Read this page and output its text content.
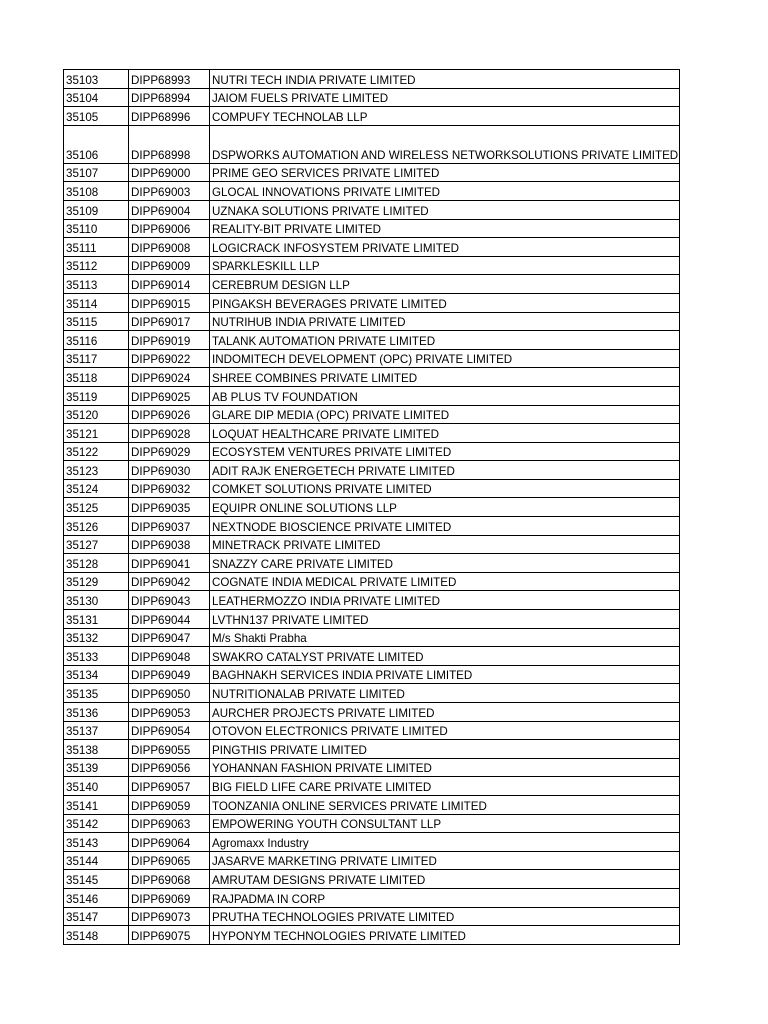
35103	DIPP68993	NUTRI TECH INDIA PRIVATE LIMITED
35104	DIPP68994	JAIOM FUELS PRIVATE LIMITED
35105	DIPP68996	COMPUFY TECHNOLAB LLP
35106	DIPP68998	DSPWORKS AUTOMATION AND WIRELESS NETWORKSOLUTIONS PRIVATE LIMITED
35107	DIPP69000	PRIME GEO SERVICES PRIVATE LIMITED
35108	DIPP69003	GLOCAL INNOVATIONS PRIVATE LIMITED
35109	DIPP69004	UZNAKA SOLUTIONS PRIVATE LIMITED
35110	DIPP69006	REALITY-BIT PRIVATE LIMITED
35111	DIPP69008	LOGICRACK INFOSYSTEM PRIVATE LIMITED
35112	DIPP69009	SPARKLESKILL LLP
35113	DIPP69014	CEREBRUM DESIGN LLP
35114	DIPP69015	PINGAKSH BEVERAGES PRIVATE LIMITED
35115	DIPP69017	NUTRIHUB INDIA PRIVATE LIMITED
35116	DIPP69019	TALANK AUTOMATION PRIVATE LIMITED
35117	DIPP69022	INDOMITECH DEVELOPMENT (OPC) PRIVATE LIMITED
35118	DIPP69024	SHREE COMBINES PRIVATE LIMITED
35119	DIPP69025	AB PLUS TV FOUNDATION
35120	DIPP69026	GLARE DIP MEDIA (OPC) PRIVATE LIMITED
35121	DIPP69028	LOQUAT HEALTHCARE PRIVATE LIMITED
35122	DIPP69029	ECOSYSTEM VENTURES PRIVATE LIMITED
35123	DIPP69030	ADIT RAJK ENERGETECH PRIVATE LIMITED
35124	DIPP69032	COMKET SOLUTIONS PRIVATE LIMITED
35125	DIPP69035	EQUIPR ONLINE SOLUTIONS LLP
35126	DIPP69037	NEXTNODE BIOSCIENCE PRIVATE LIMITED
35127	DIPP69038	MINETRACK PRIVATE LIMITED
35128	DIPP69041	SNAZZY CARE PRIVATE LIMITED
35129	DIPP69042	COGNATE INDIA MEDICAL PRIVATE LIMITED
35130	DIPP69043	LEATHERMOZZO INDIA PRIVATE LIMITED
35131	DIPP69044	LVTHN137 PRIVATE LIMITED
35132	DIPP69047	M/s Shakti Prabha
35133	DIPP69048	SWAKRO CATALYST PRIVATE LIMITED
35134	DIPP69049	BAGHNAKH SERVICES INDIA PRIVATE LIMITED
35135	DIPP69050	NUTRITIONALAB PRIVATE LIMITED
35136	DIPP69053	AURCHER PROJECTS PRIVATE LIMITED
35137	DIPP69054	OTOVON ELECTRONICS PRIVATE LIMITED
35138	DIPP69055	PINGTHIS PRIVATE LIMITED
35139	DIPP69056	YOHANNAN FASHION PRIVATE LIMITED
35140	DIPP69057	BIG FIELD LIFE CARE PRIVATE LIMITED
35141	DIPP69059	TOONZANIA ONLINE SERVICES PRIVATE LIMITED
35142	DIPP69063	EMPOWERING YOUTH CONSULTANT LLP
35143	DIPP69064	Agromaxx Industry
35144	DIPP69065	JASARVE MARKETING PRIVATE LIMITED
35145	DIPP69068	AMRUTAM DESIGNS PRIVATE LIMITED
35146	DIPP69069	RAJPADMA IN CORP
35147	DIPP69073	PRUTHA TECHNOLOGIES PRIVATE LIMITED
35148	DIPP69075	HYPONYM TECHNOLOGIES PRIVATE LIMITED
